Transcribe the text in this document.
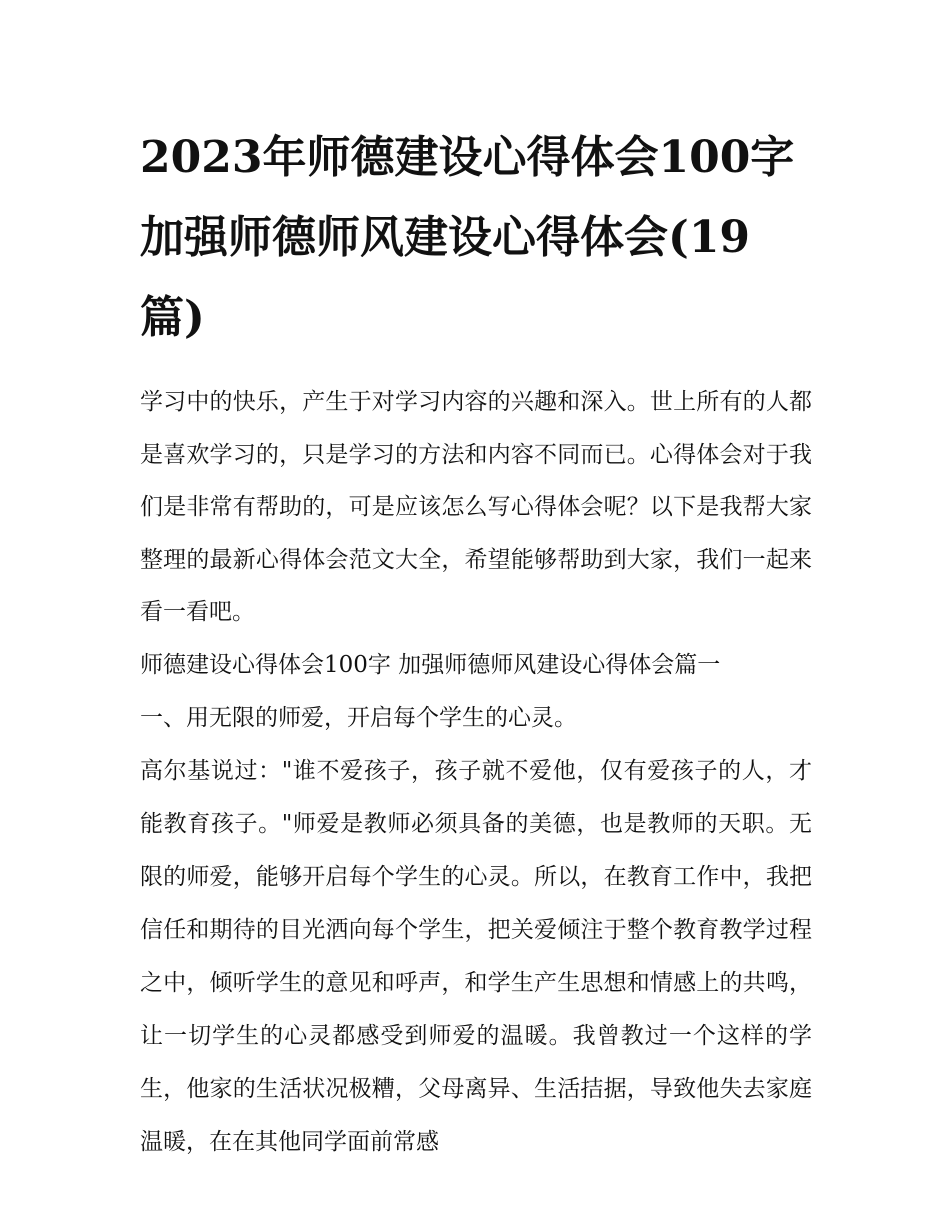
2023年师德建设心得体会100字 加强师德师风建设心得体会(19篇)

学习中的快乐，产生于对学习内容的兴趣和深入。世上所有的人都是喜欢学习的，只是学习的方法和内容不同而已。心得体会对于我们是非常有帮助的，可是应该怎么写心得体会呢？以下是我帮大家整理的最新心得体会范文大全，希望能够帮助到大家，我们一起来看一看吧。

师德建设心得体会100字 加强师德师风建设心得体会篇一

一、用无限的师爱，开启每个学生的心灵。

高尔基说过："谁不爱孩子，孩子就不爱他，仅有爱孩子的人，才能教育孩子。"师爱是教师必须具备的美德，也是教师的天职。无限的师爱，能够开启每个学生的心灵。所以，在教育工作中，我把信任和期待的目光洒向每个学生，把关爱倾注于整个教育教学过程之中，倾听学生的意见和呼声，和学生产生思想和情感上的共鸣，让一切学生的心灵都感受到师爱的温暖。我曾教过一个这样的学生，他家的生活状况极糟，父母离异、生活拮据，导致他失去家庭温暖，在在其他同学面前常感
